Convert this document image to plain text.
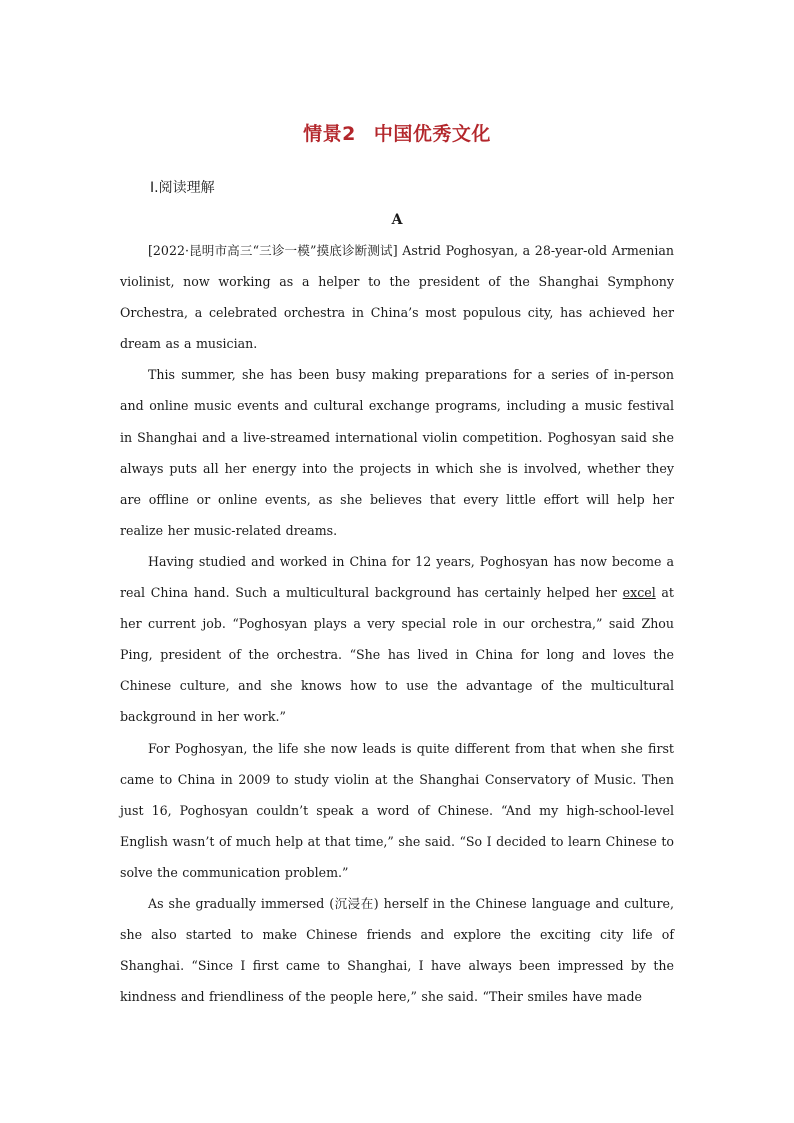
情景2 中国优秀文化
Ⅰ.阅读理解
A

[2022·昆明市高三“三诊一模”摸底诊断测试] Astrid Poghosyan, a 28-year-old Armenian violinist, now working as a helper to the president of the Shanghai Symphony Orchestra, a celebrated orchestra in China’s most populous city, has achieved her dream as a musician.

This summer, she has been busy making preparations for a series of in-person and online music events and cultural exchange programs, including a music festival in Shanghai and a live-streamed international violin competition. Poghosyan said she always puts all her energy into the projects in which she is involved, whether they are offline or online events, as she believes that every little effort will help her realize her music-related dreams.

Having studied and worked in China for 12 years, Poghosyan has now become a real China hand. Such a multicultural background has certainly helped her excel at her current job. “Poghosyan plays a very special role in our orchestra,” said Zhou Ping, president of the orchestra. “She has lived in China for long and loves the Chinese culture, and she knows how to use the advantage of the multicultural background in her work.”

For Poghosyan, the life she now leads is quite different from that when she first came to China in 2009 to study violin at the Shanghai Conservatory of Music. Then just 16, Poghosyan couldn’t speak a word of Chinese. “And my high-school-level English wasn’t of much help at that time,” she said. “So I decided to learn Chinese to solve the communication problem.”

As she gradually immersed (沉浸在) herself in the Chinese language and culture, she also started to make Chinese friends and explore the exciting city life of Shanghai. “Since I first came to Shanghai, I have always been impressed by the kindness and friendliness of the people here,” she said. “Their smiles have made
